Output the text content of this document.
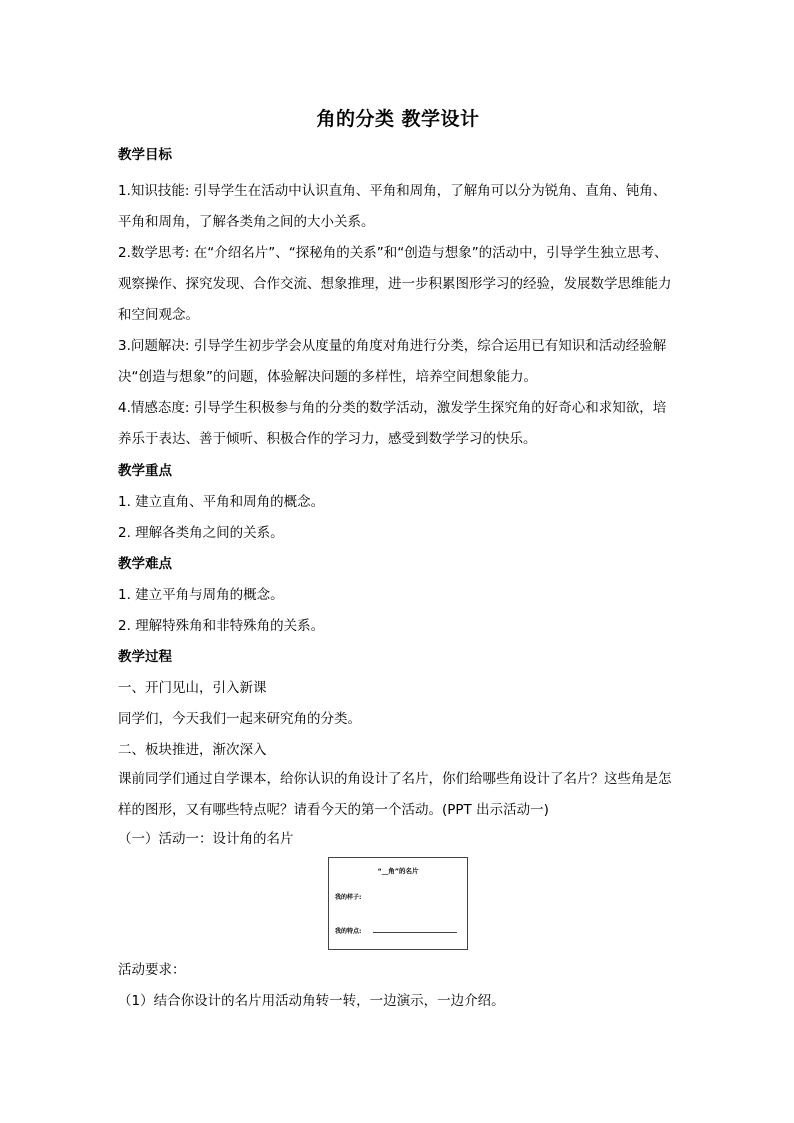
角的分类 教学设计
教学目标
1.知识技能: 引导学生在活动中认识直角、平角和周角，了解角可以分为锐角、直角、钝角、平角和周角，了解各类角之间的大小关系。
2.数学思考: 在“介绍名片”、“探秘角的关系”和“创造与想象”的活动中，引导学生独立思考、观察操作、探究发现、合作交流、想象推理，进一步积累图形学习的经验，发展数学思维能力和空间观念。
3.问题解决: 引导学生初步学会从度量的角度对角进行分类，综合运用已有知识和活动经验解决“创造与想象”的问题，体验解决问题的多样性，培养空间想象能力。
4.情感态度: 引导学生积极参与角的分类的数学活动，激发学生探究角的好奇心和求知欲，培养乐于表达、善于倾听、积极合作的学习力，感受到数学学习的快乐。
教学重点
1. 建立直角、平角和周角的概念。
2. 理解各类角之间的关系。
教学难点
1. 建立平角与周角的概念。
2. 理解特殊角和非特殊角的关系。
教学过程
一、开门见山，引入新课
同学们，今天我们一起来研究角的分类。
二、板块推进，渐次深入
课前同学们通过自学课本，给你认识的角设计了名片，你们给哪些角设计了名片？这些角是怎样的图形，又有哪些特点呢？请看今天的第一个活动。(PPT 出示活动一)
（一）活动一：设计角的名片
“__角”的名片
我的样子:
我的特点:
活动要求：
（1）结合你设计的名片用活动角转一转，一边演示，一边介绍。
